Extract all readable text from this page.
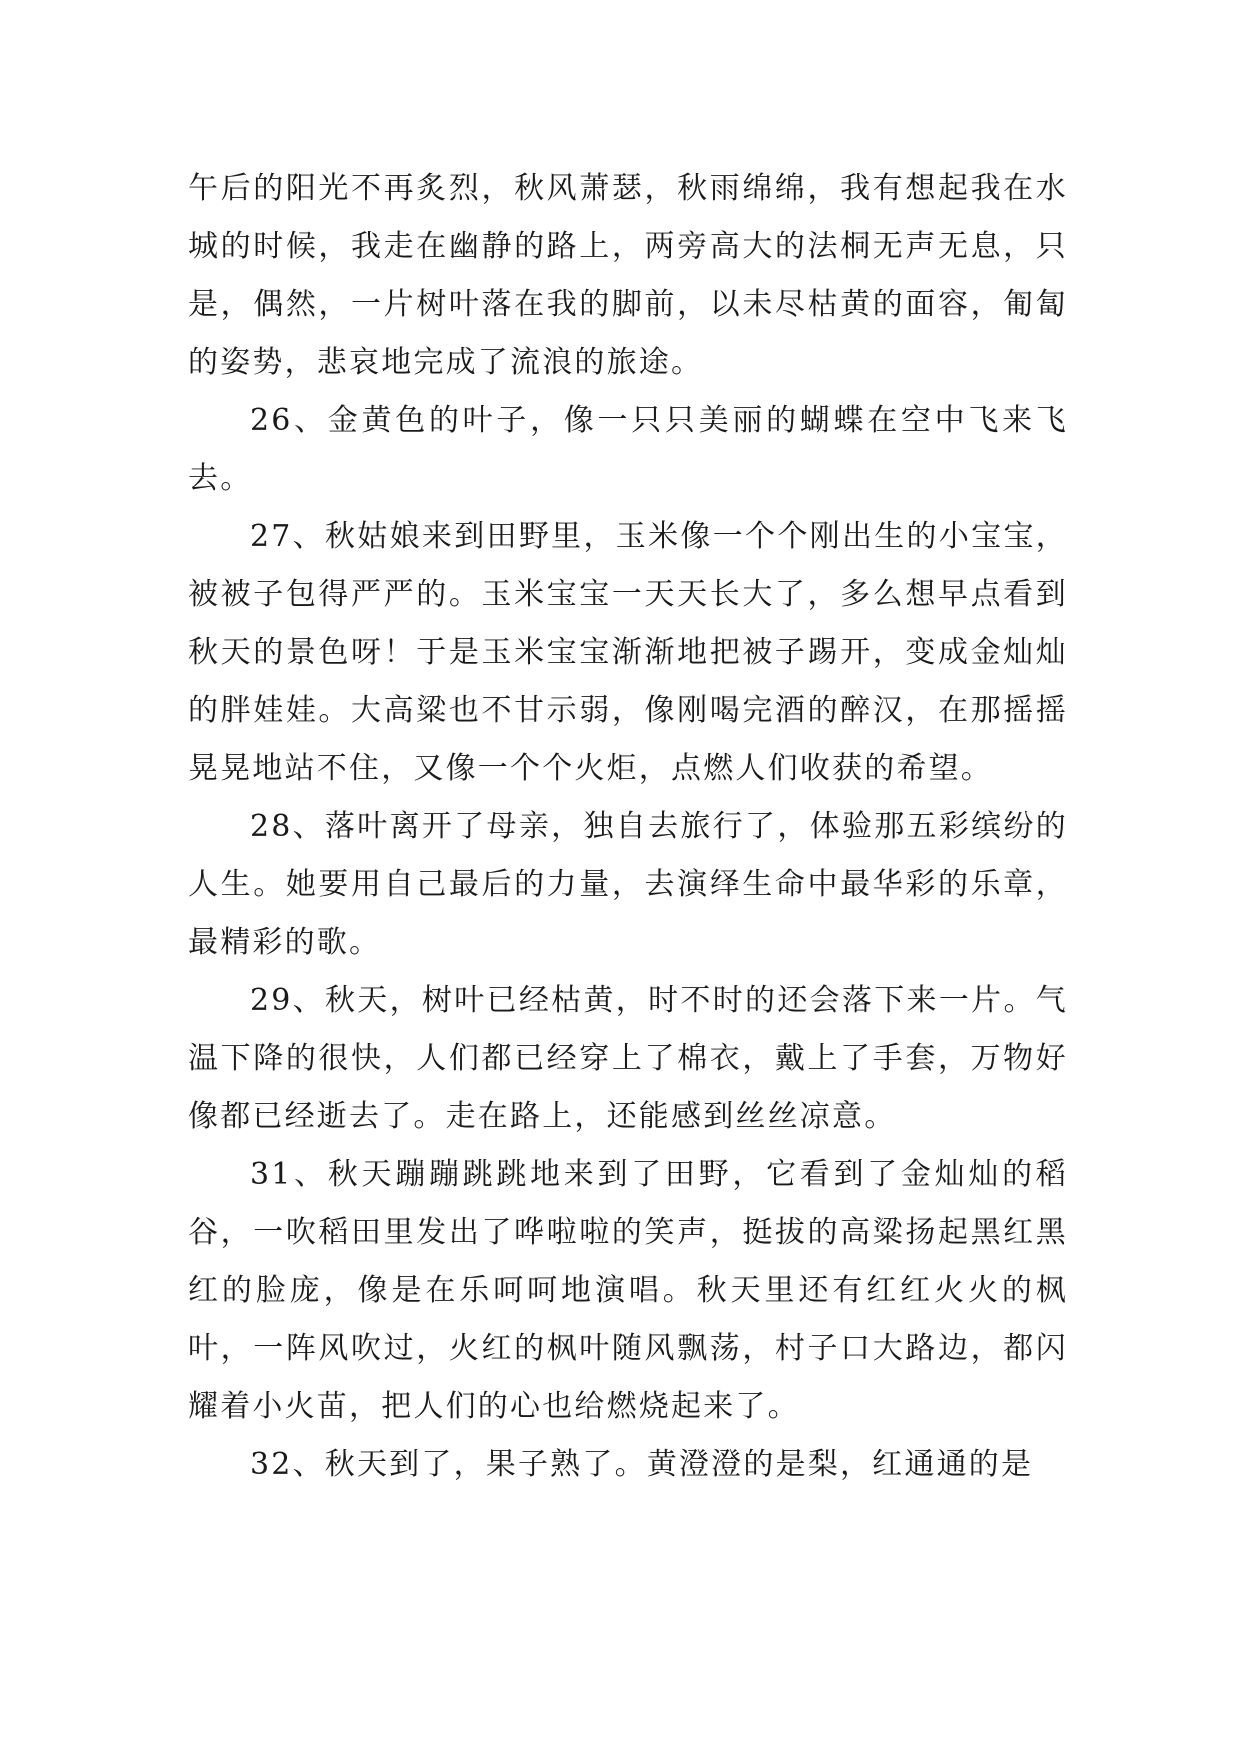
午后的阳光不再炙烈，秋风萧瑟，秋雨绵绵，我有想起我在水城的时候，我走在幽静的路上，两旁高大的法桐无声无息，只是，偶然，一片树叶落在我的脚前，以未尽枯黄的面容，匍匐的姿势，悲哀地完成了流浪的旅途。

26、金黄色的叶子，像一只只美丽的蝴蝶在空中飞来飞去。

27、秋姑娘来到田野里，玉米像一个个刚出生的小宝宝，被被子包得严严的。玉米宝宝一天天长大了，多么想早点看到秋天的景色呀！于是玉米宝宝渐渐地把被子踢开，变成金灿灿的胖娃娃。大高粱也不甘示弱，像刚喝完酒的醉汉，在那摇摇晃晃地站不住，又像一个个火炬，点燃人们收获的希望。

28、落叶离开了母亲，独自去旅行了，体验那五彩缤纷的人生。她要用自己最后的力量，去演绎生命中最华彩的乐章，最精彩的歌。

29、秋天，树叶已经枯黄，时不时的还会落下来一片。气温下降的很快，人们都已经穿上了棉衣，戴上了手套，万物好像都已经逝去了。走在路上，还能感到丝丝凉意。

31、秋天蹦蹦跳跳地来到了田野，它看到了金灿灿的稻谷，一吹稻田里发出了哗啦啦的笑声，挺拔的高粱扬起黑红黑红的脸庞，像是在乐呵呵地演唱。秋天里还有红红火火的枫叶，一阵风吹过，火红的枫叶随风飘荡，村子口大路边，都闪耀着小火苗，把人们的心也给燃烧起来了。

32、秋天到了，果子熟了。黄澄澄的是梨，红通通的是
